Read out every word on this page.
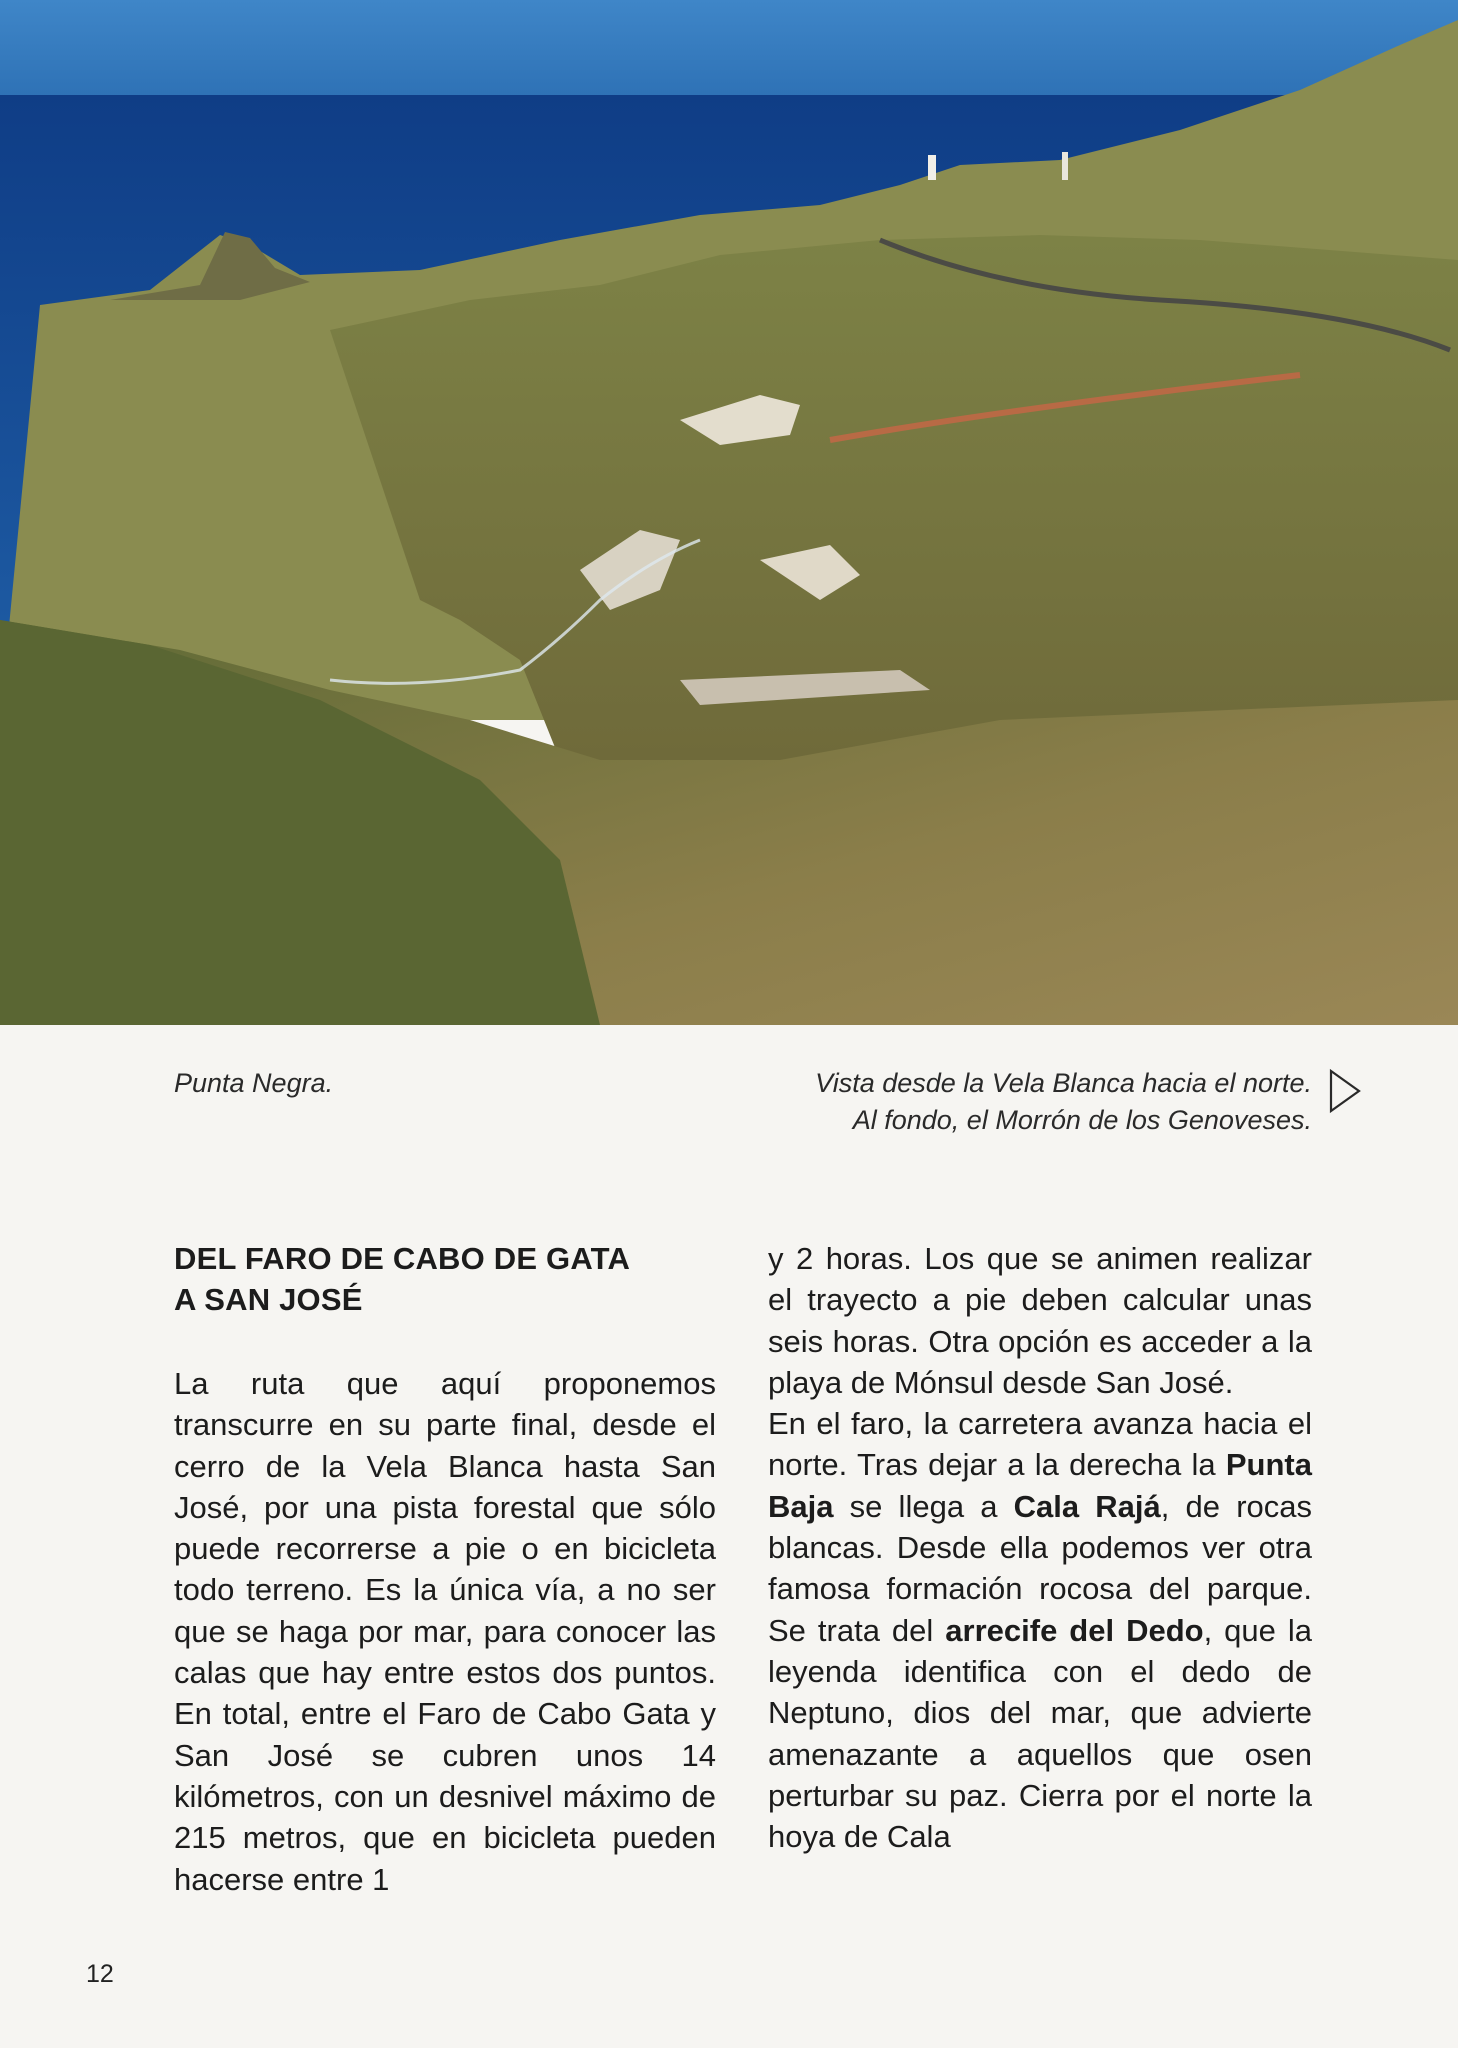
Punta Negra.	Vista desde la Vela Blanca hacia el norte. Al fondo, el Morrón de los Genoveses.
DEL FARO DE CABO DE GATA
A SAN JOSÉ

La ruta que aquí proponemos transcurre en su parte final, desde el cerro de la Vela Blanca hasta San José, por una pista forestal que sólo puede recorrerse a pie o en bicicleta todo terreno. Es la única vía, a no ser que se haga por mar, para conocer las calas que hay entre estos dos puntos. En total, entre el Faro de Cabo Gata y San José se cubren unos 14 kilómetros, con un desnivel máximo de 215 metros, que en bicicleta pueden hacerse entre 1

y 2 horas. Los que se animen realizar el trayecto a pie deben calcular unas seis horas. Otra opción es acceder a la playa de Mónsul desde San José.

En el faro, la carretera avanza hacia el norte. Tras dejar a la derecha la Punta Baja se llega a Cala Rajá, de rocas blancas. Desde ella podemos ver otra famosa formación rocosa del parque. Se trata del arrecife del Dedo, que la leyenda identifica con el dedo de Neptuno, dios del mar, que advierte amenazante a aquellos que osen perturbar su paz. Cierra por el norte la hoya de Cala

12
